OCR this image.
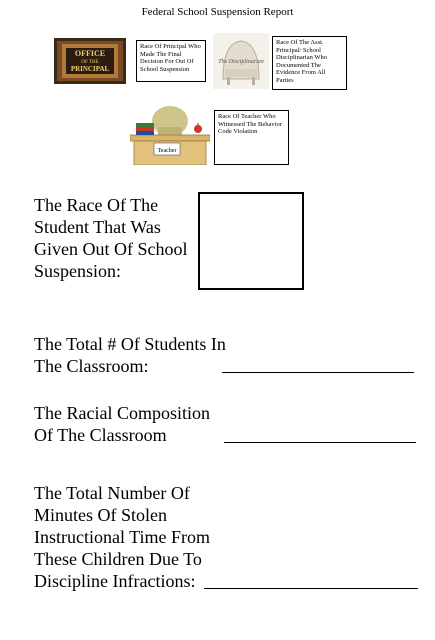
Federal School Suspension Report
OFFICE
OF THE
PRINCIPAL
Race Of Principal Who Made The Final Decision For Out Of School Suspension
The Disciplinarian
Race Of The Asst. Principal/ School Disciplinarian Who Documented The Evidence From All Parties
Teacher
Race Of Teacher Who Witnessed The Behavior Code Violation
The Race Of The Student That Was Given Out Of School Suspension:
The Total # Of Students In The Classroom:
The Racial Composition Of The Classroom
The Total Number Of Minutes Of Stolen Instructional Time From These Children Due To Discipline Infractions:
